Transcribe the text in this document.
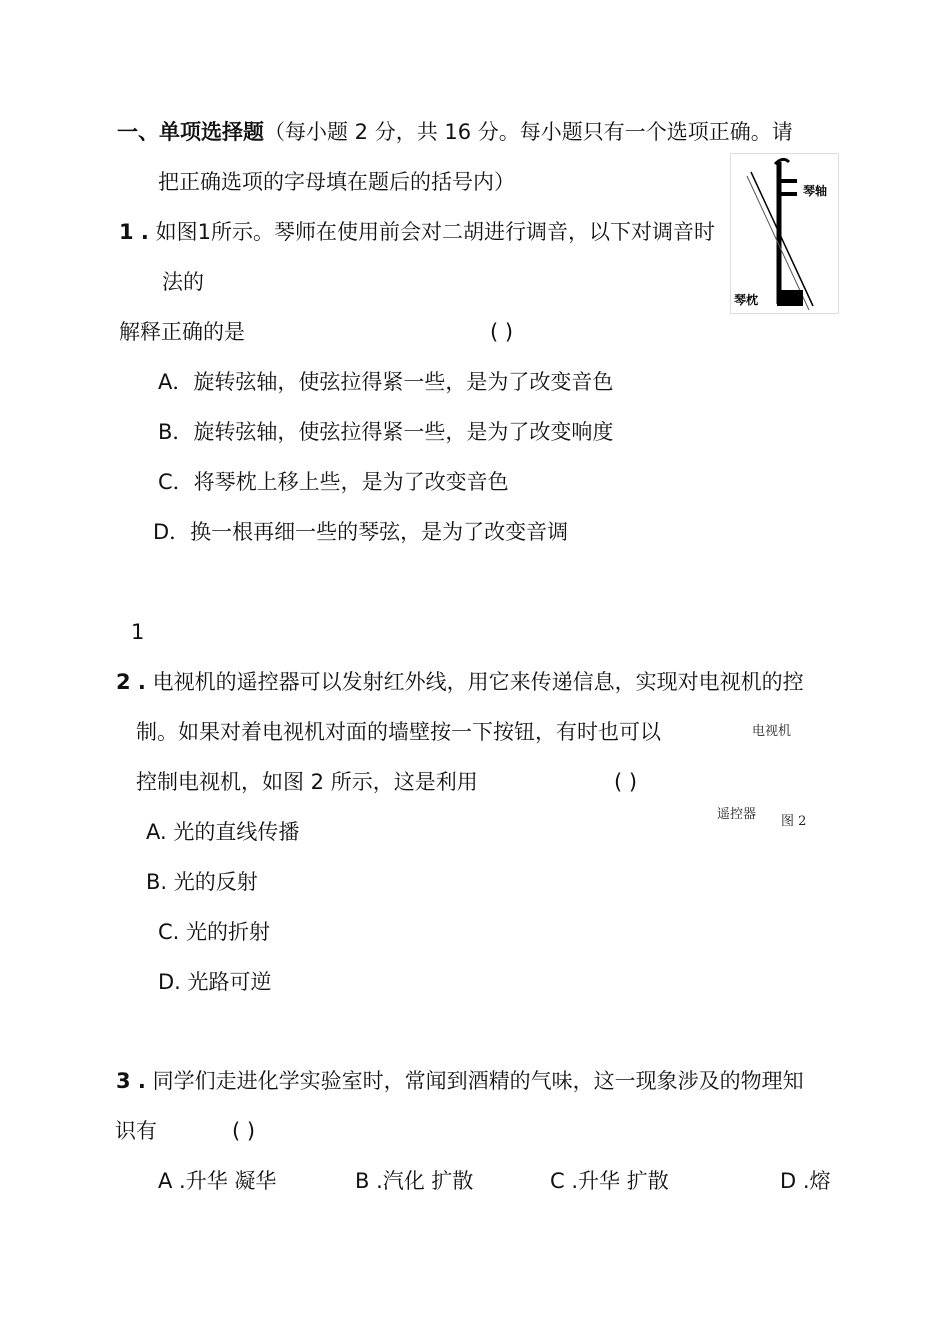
一、单项选择题（每小题 2 分，共 16 分。每小题只有一个选项正确。请
把正确选项的字母填在题后的括号内）
1 . 如图1所示。琴师在使用前会对二胡进行调音，以下对调音时
法的
解释正确的是	( )
A．旋转弦轴，使弦拉得紧一些，是为了改变音色
B．旋转弦轴，使弦拉得紧一些，是为了改变响度
C．将琴枕上移上些，是为了改变音色
D．换一根再细一些的琴弦，是为了改变音调
琴轴
琴枕
1
2 . 电视机的遥控器可以发射红外线，用它来传递信息，实现对电视机的控
制。如果对着电视机对面的墙壁按一下按钮，有时也可以
控制电视机，如图 2 所示，这是利用	( )
电视机
遥控器 图 2
A. 光的直线传播
B. 光的反射
C. 光的折射
D. 光路可逆
3 . 同学们走进化学实验室时，常闻到酒精的气味，这一现象涉及的物理知
识有	( )
A .升华 凝华	B .汽化 扩散	C .升华 扩散	D .熔
